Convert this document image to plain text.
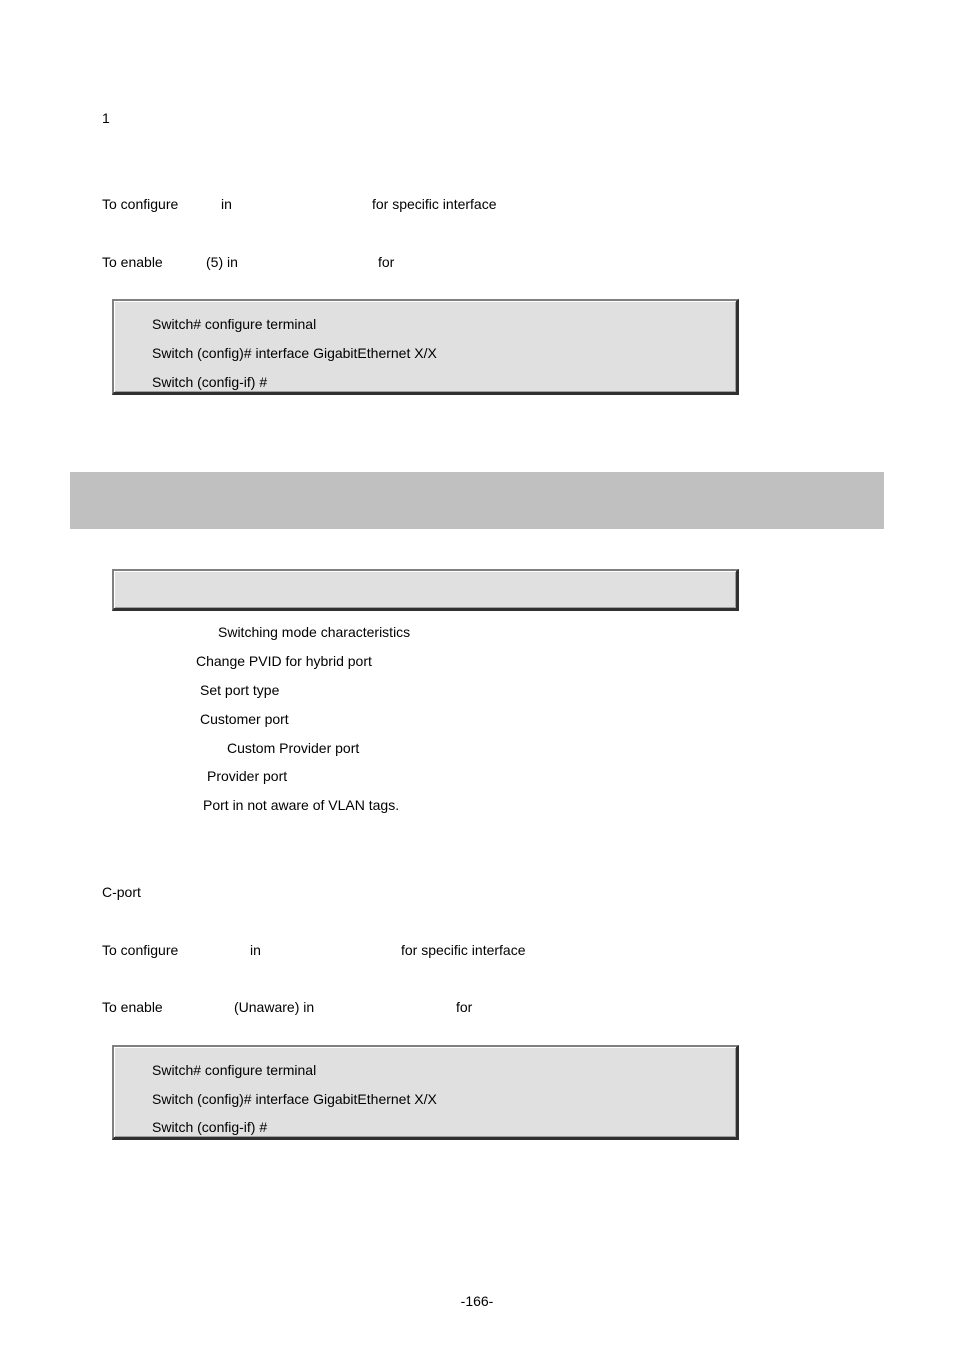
1
To configure	in	for specific interface
To enable	(5) in	for
Switch# configure terminal
Switch (config)# interface GigabitEthernet X/X
Switch (config-if) #
Switching mode characteristics
Change PVID for hybrid port
Set port type
Customer port
Custom Provider port
Provider port
Port in not aware of VLAN tags.
C-port
To configure	in	for specific interface
To enable	(Unaware) in	for
Switch# configure terminal
Switch (config)# interface GigabitEthernet X/X
Switch (config-if) #
-166-
